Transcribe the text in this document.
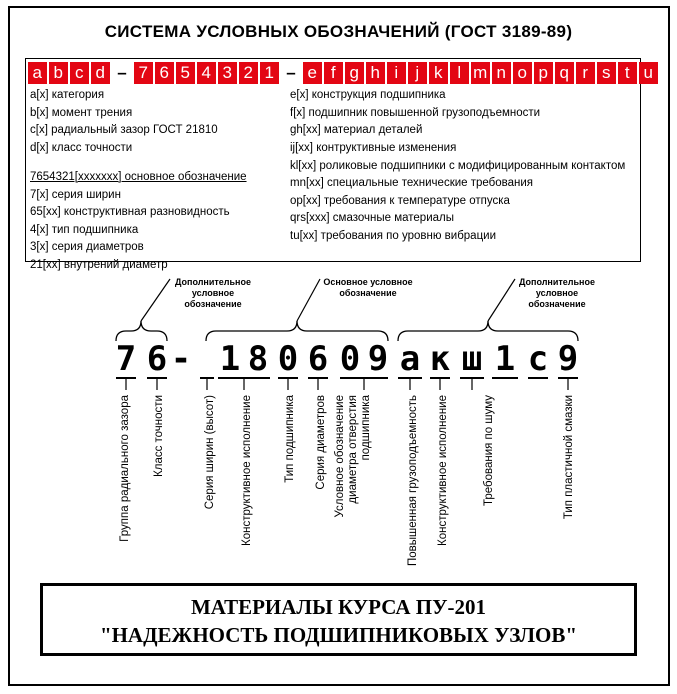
СИСТЕМА УСЛОВНЫХ ОБОЗНАЧЕНИЙ (ГОСТ 3189-89)
a b c d – 7 6 5 4 3 2 1 – e f g h i j k l m n o p q r s t u
a[x] категория
b[x] момент трения
c[x] радиальный зазор ГОСТ 21810
d[x] класс точности
7654321[xxxxxxx] основное обозначение
7[x] серия ширин
65[xx] конструктивная разновидность
4[x] тип подшипника
3[x] серия диаметров
21[xx] внутрений диаметр
e[x] конструкция подшипника
f[x] подшипник повышенной грузоподъемности
gh[xx] материал деталей
ij[xx] контруктивные изменения
kl[xx] роликовые подшипники с модифицированным контактом
mn[xx] специальные технические требования
op[xx] требования к температуре отпуска
qrs[xxx] смазочные материалы
tu[xx] требования по уровню вибрации
7 6 - 1 8 0 6 0 9 а к ш 1 с 9
Дополнительное
условное
обозначение
Основное условное
обозначение
Дополнительное
условное
обозначение
Группа радиального зазора Класс точности	Серия ширин (высот) Конструктивное исполнение	Тип подшипника Серия диаметров Условное обозначение диаметра отверстия подшипника	Повышенная грузоподъемность Конструктивное исполнение	Требования по шуму	Тип пластичной смазки
МАТЕРИАЛЫ КУРСА ПУ-201
"НАДЕЖНОСТЬ ПОДШИПНИКОВЫХ УЗЛОВ"
